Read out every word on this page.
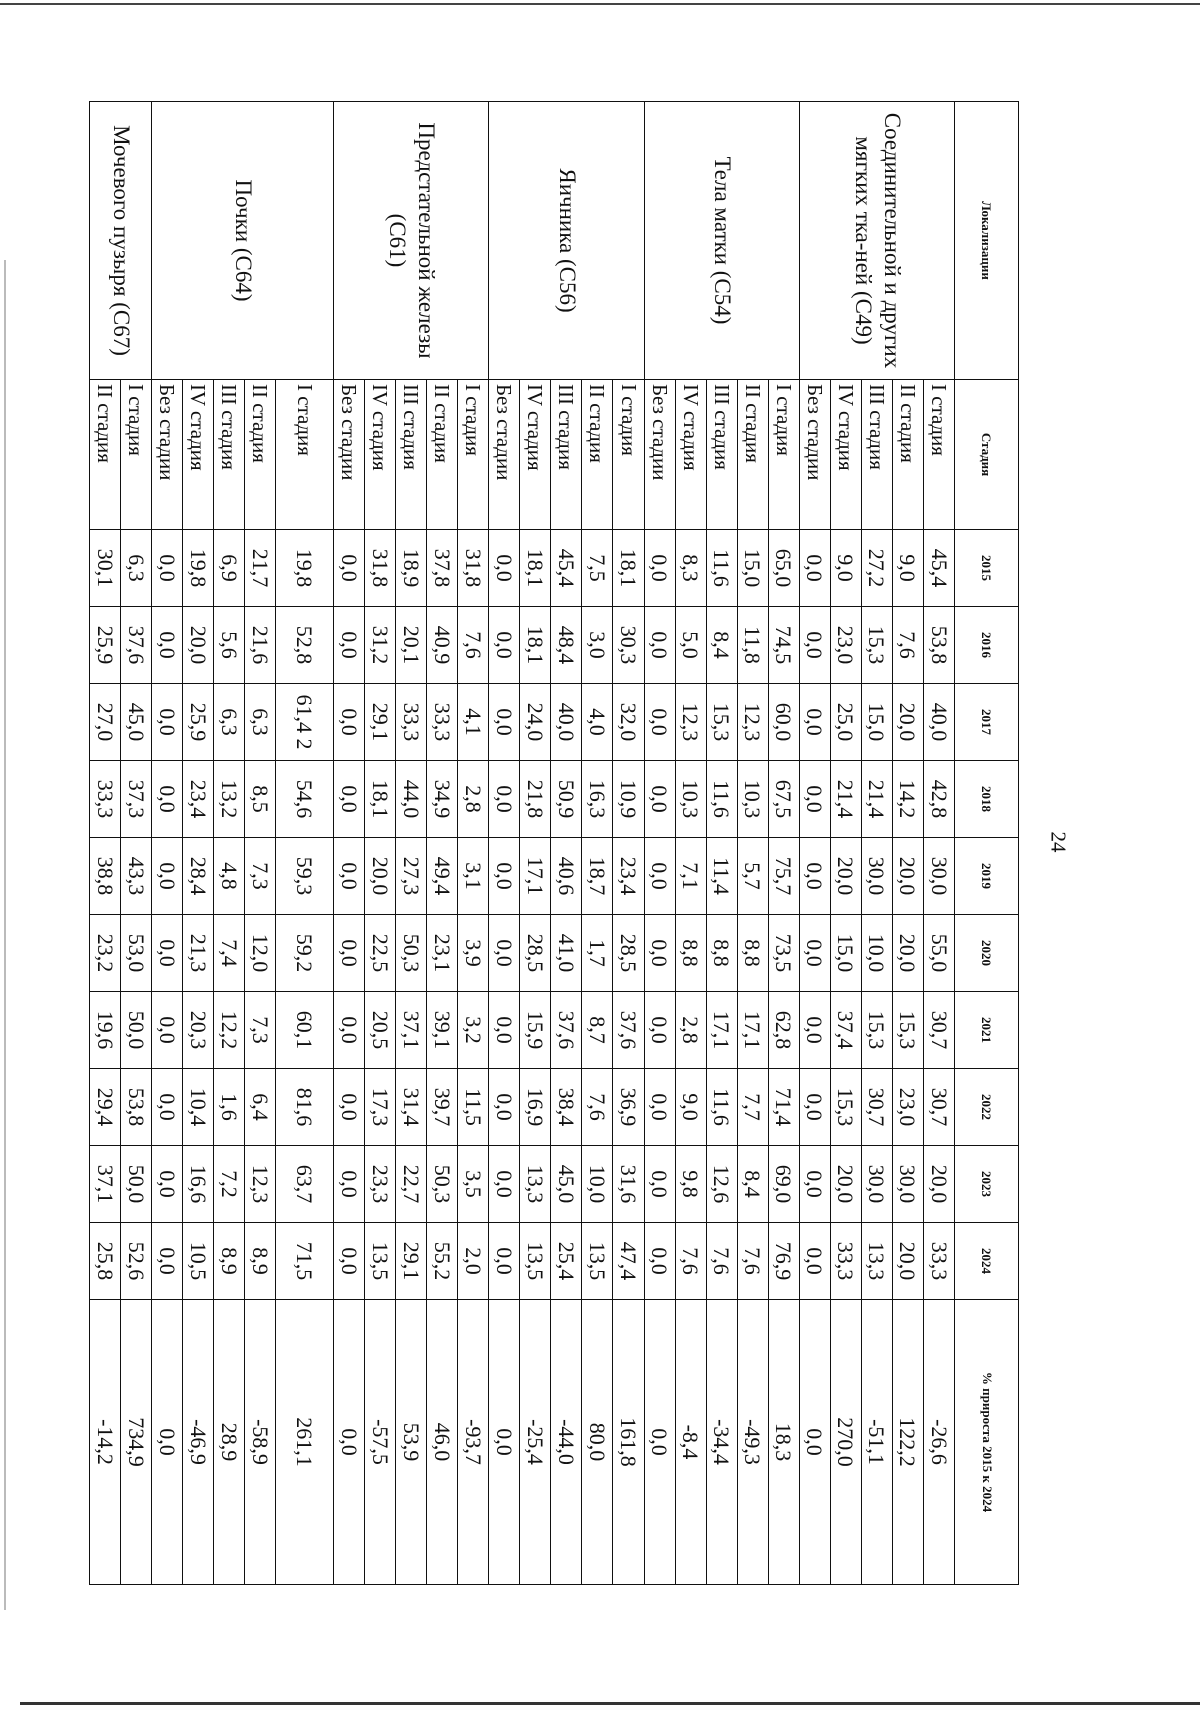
24
Локализации	Стадия	2015	2016	2017	2018	2019	2020	2021	2022	2023	2024	% прироста 2015 к 2024
Соединительной и других мягких тка-ней (С49)	I стадия	45,4	53,8	40,0	42,8	30,0	55,0	30,7	30,7	20,0	33,3	-26,6
	II стадия	9,0	7,6	20,0	14,2	20,0	20,0	15,3	23,0	30,0	20,0	122,2
	III стадия	27,2	15,3	15,0	21,4	30,0	10,0	15,3	30,7	30,0	13,3	-51,1
	IV стадия	9,0	23,0	25,0	21,4	20,0	15,0	37,4	15,3	20,0	33,3	270,0
	Без стадии	0,0	0,0	0,0	0,0	0,0	0,0	0,0	0,0	0,0	0,0	0,0
Тела матки (С54)	I стадия	65,0	74,5	60,0	67,5	75,7	73,5	62,8	71,4	69,0	76,9	18,3
	II стадия	15,0	11,8	12,3	10,3	5,7	8,8	17,1	7,7	8,4	7,6	-49,3
	III стадия	11,6	8,4	15,3	11,6	11,4	8,8	17,1	11,6	12,6	7,6	-34,4
	IV стадия	8,3	5,0	12,3	10,3	7,1	8,8	2,8	9,0	9,8	7,6	-8,4
	Без стадии	0,0	0,0	0,0	0,0	0,0	0,0	0,0	0,0	0,0	0,0	0,0
Яичника (С56)	I стадия	18,1	30,3	32,0	10,9	23,4	28,5	37,6	36,9	31,6	47,4	161,8
	II стадия	7,5	3,0	4,0	16,3	18,7	1,7	8,7	7,6	10,0	13,5	80,0
	III стадия	45,4	48,4	40,0	50,9	40,6	41,0	37,6	38,4	45,0	25,4	-44,0
	IV стадия	18,1	18,1	24,0	21,8	17,1	28,5	15,9	16,9	13,3	13,5	-25,4
	Без стадии	0,0	0,0	0,0	0,0	0,0	0,0	0,0	0,0	0,0	0,0	0,0
Предстательной железы (С61)	I стадия	31,8	7,6	4,1	2,8	3,1	3,9	3,2	11,5	3,5	2,0	-93,7
	II стадия	37,8	40,9	33,3	34,9	49,4	23,1	39,1	39,7	50,3	55,2	46,0
	III стадия	18,9	20,1	33,3	44,0	27,3	50,3	37,1	31,4	22,7	29,1	53,9
	IV стадия	31,8	31,2	29,1	18,1	20,0	22,5	20,5	17,3	23,3	13,5	-57,5
	Без стадии	0,0	0,0	0,0	0,0	0,0	0,0	0,0	0,0	0,0	0,0	0,0
Почки (С64)	I стадия	19,8	52,8	61,4 2	54,6	59,3	59,2	60,1	81,6	63,7	71,5	261,1
	II стадия	21,7	21,6	6,3	8,5	7,3	12,0	7,3	6,4	12,3	8,9	-58,9
	III стадия	6,9	5,6	6,3	13,2	4,8	7,4	12,2	1,6	7,2	8,9	28,9
	IV стадия	19,8	20,0	25,9	23,4	28,4	21,3	20,3	10,4	16,6	10,5	-46,9
	Без стадии	0,0	0,0	0,0	0,0	0,0	0,0	0,0	0,0	0,0	0,0	0,0
Мочевого пузыря (С67)	I стадия	6,3	37,6	45,0	37,3	43,3	53,0	50,0	53,8	50,0	52,6	734,9
	II стадия	30,1	25,9	27,0	33,3	38,8	23,2	19,6	29,4	37,1	25,8	-14,2
